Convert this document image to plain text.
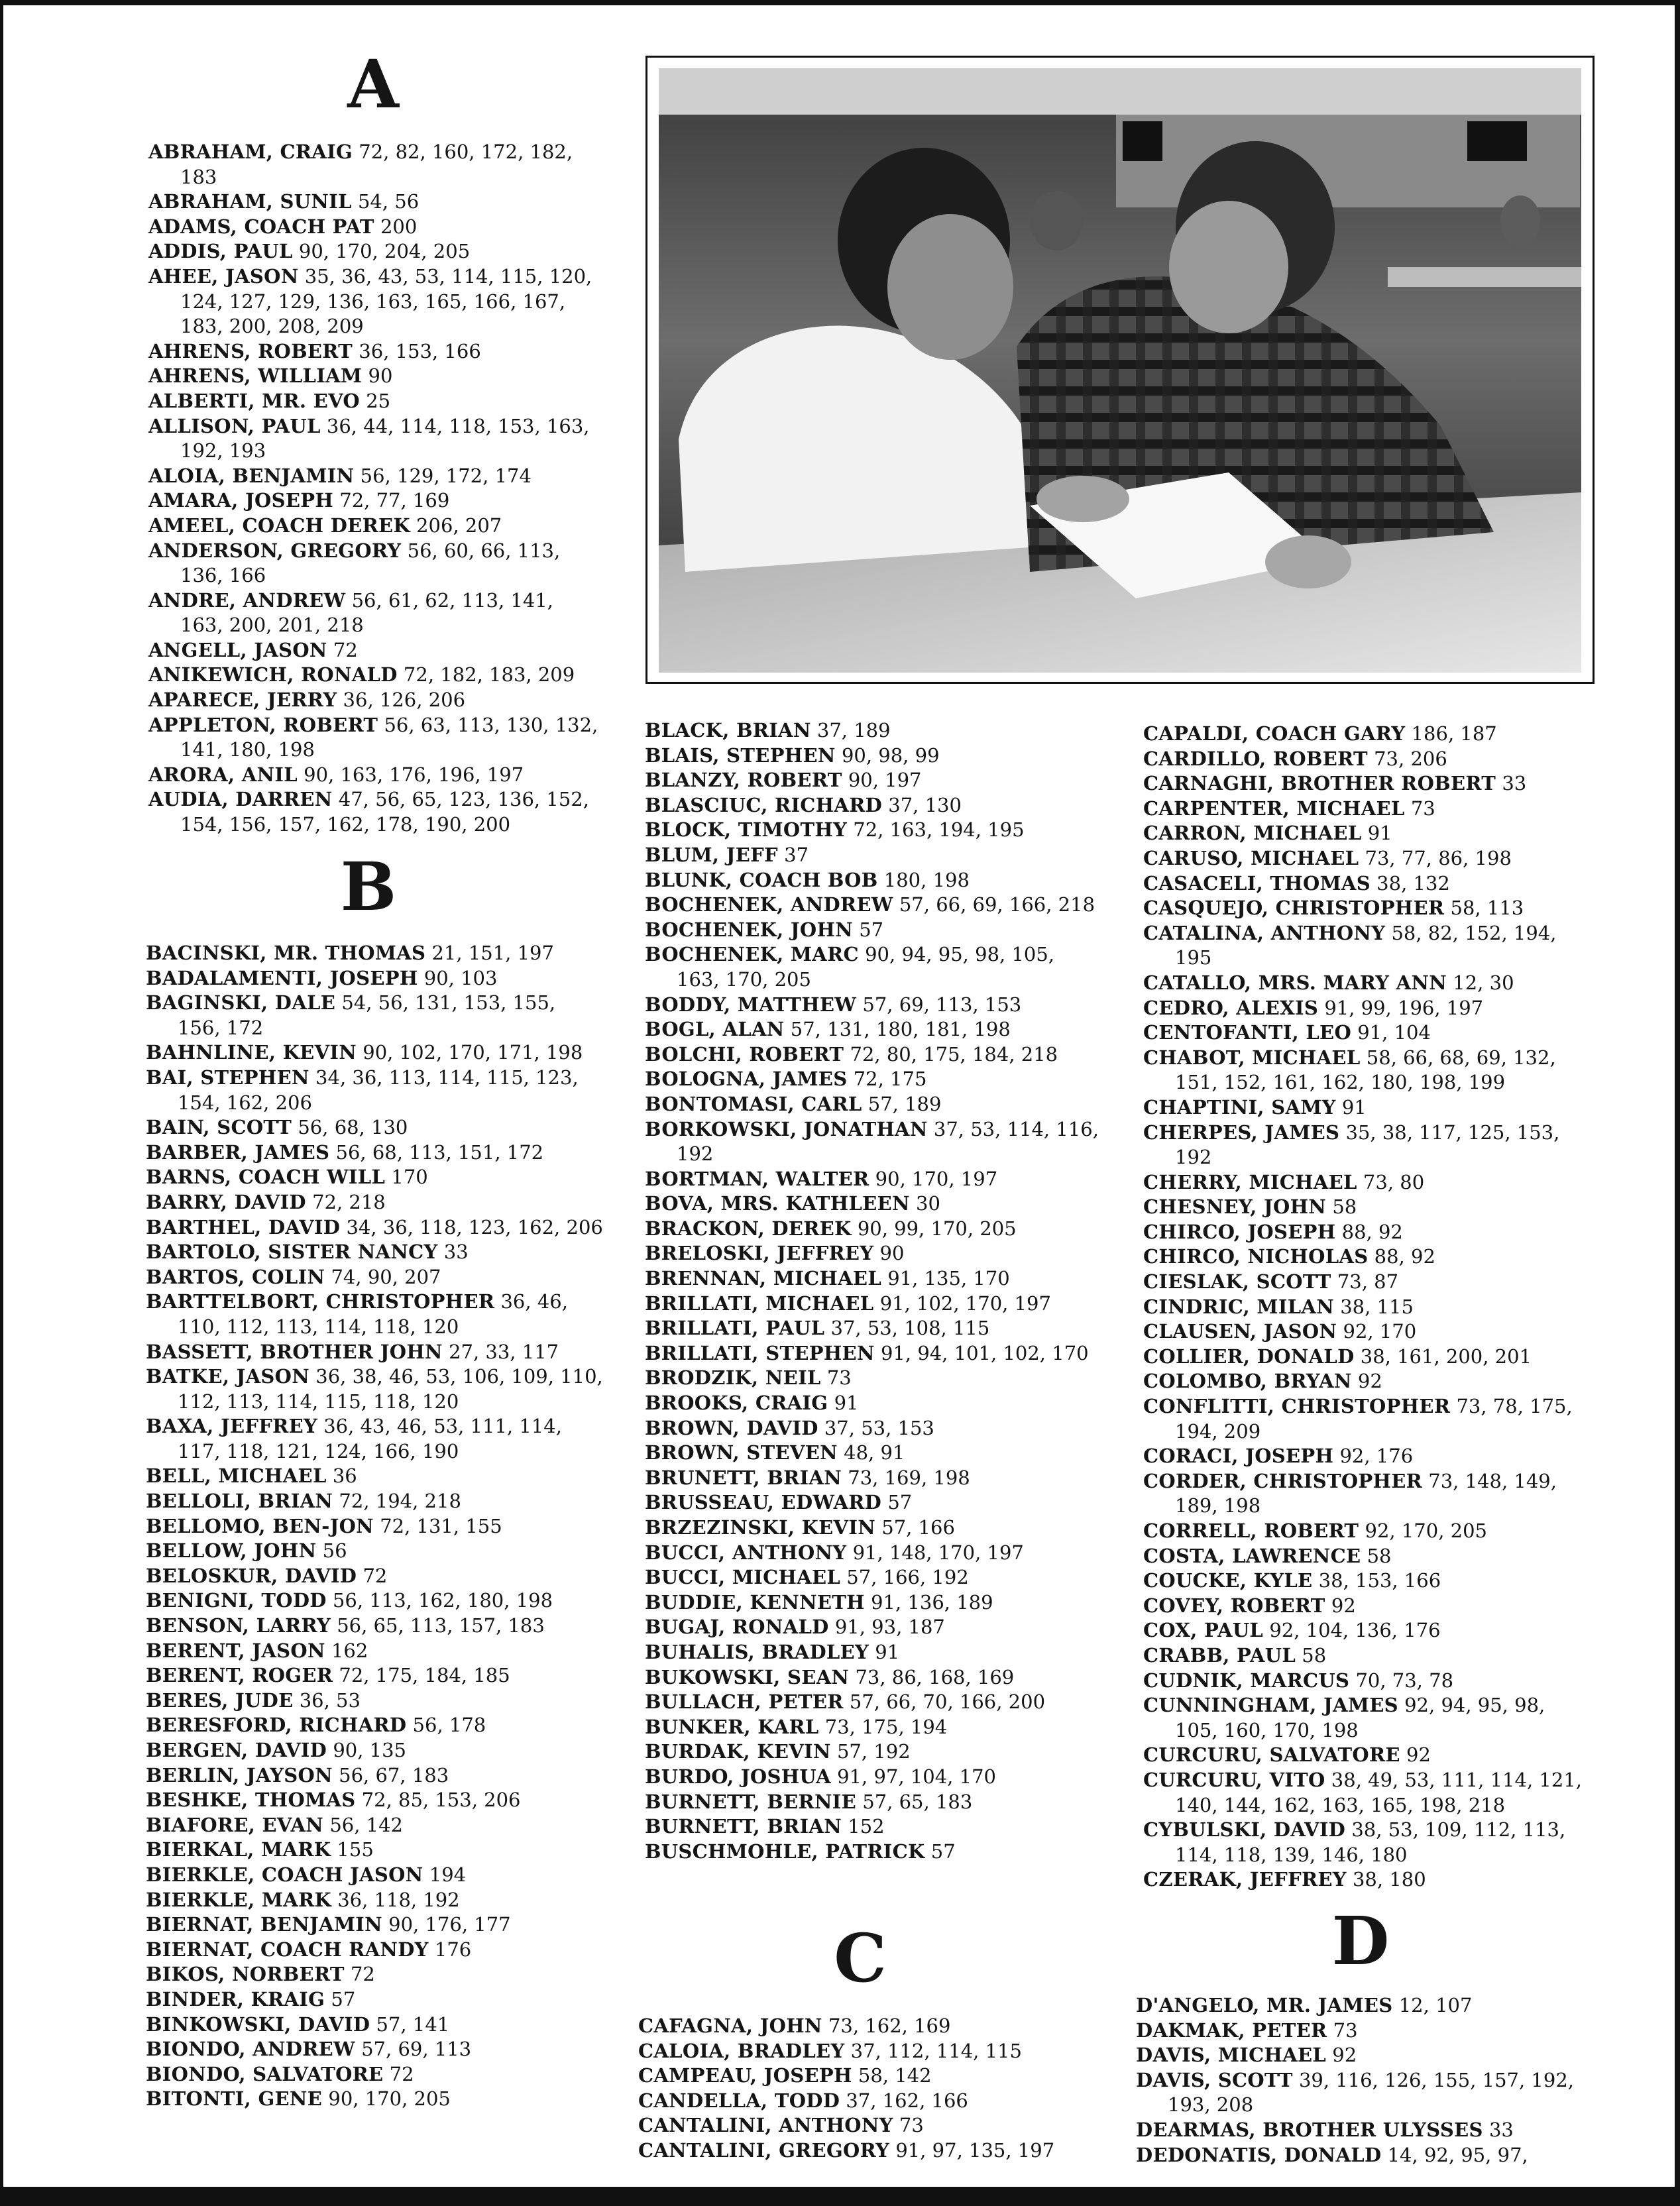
A
ABRAHAM, CRAIG 72, 82, 160, 172, 182, 183
ABRAHAM, SUNIL 54, 56
ADAMS, COACH PAT 200
ADDIS, PAUL 90, 170, 204, 205
AHEE, JASON 35, 36, 43, 53, 114, 115, 120, 124, 127, 129, 136, 163, 165, 166, 167, 183, 200, 208, 209
AHRENS, ROBERT 36, 153, 166
AHRENS, WILLIAM 90
ALBERTI, MR. EVO 25
ALLISON, PAUL 36, 44, 114, 118, 153, 163, 192, 193
ALOIA, BENJAMIN 56, 129, 172, 174
AMARA, JOSEPH 72, 77, 169
AMEEL, COACH DEREK 206, 207
ANDERSON, GREGORY 56, 60, 66, 113, 136, 166
ANDRE, ANDREW 56, 61, 62, 113, 141, 163, 200, 201, 218
ANGELL, JASON 72
ANIKEWICH, RONALD 72, 182, 183, 209
APARECE, JERRY 36, 126, 206
APPLETON, ROBERT 56, 63, 113, 130, 132, 141, 180, 198
ARORA, ANIL 90, 163, 176, 196, 197
AUDIA, DARREN 47, 56, 65, 123, 136, 152, 154, 156, 157, 162, 178, 190, 200
B
BACINSKI, MR. THOMAS 21, 151, 197
BADALAMENTI, JOSEPH 90, 103
BAGINSKI, DALE 54, 56, 131, 153, 155, 156, 172
BAHNLINE, KEVIN 90, 102, 170, 171, 198
BAI, STEPHEN 34, 36, 113, 114, 115, 123, 154, 162, 206
BAIN, SCOTT 56, 68, 130
BARBER, JAMES 56, 68, 113, 151, 172
BARNS, COACH WILL 170
BARRY, DAVID 72, 218
BARTHEL, DAVID 34, 36, 118, 123, 162, 206
BARTOLO, SISTER NANCY 33
BARTOS, COLIN 74, 90, 207
BARTTELBORT, CHRISTOPHER 36, 46, 110, 112, 113, 114, 118, 120
BASSETT, BROTHER JOHN 27, 33, 117
BATKE, JASON 36, 38, 46, 53, 106, 109, 110, 112, 113, 114, 115, 118, 120
BAXA, JEFFREY 36, 43, 46, 53, 111, 114, 117, 118, 121, 124, 166, 190
BELL, MICHAEL 36
BELLOLI, BRIAN 72, 194, 218
BELLOMO, BEN-JON 72, 131, 155
BELLOW, JOHN 56
BELOSKUR, DAVID 72
BENIGNI, TODD 56, 113, 162, 180, 198
BENSON, LARRY 56, 65, 113, 157, 183
BERENT, JASON 162
BERENT, ROGER 72, 175, 184, 185
BERES, JUDE 36, 53
BERESFORD, RICHARD 56, 178
BERGEN, DAVID 90, 135
BERLIN, JAYSON 56, 67, 183
BESHKE, THOMAS 72, 85, 153, 206
BIAFORE, EVAN 56, 142
BIERKAL, MARK 155
BIERKLE, COACH JASON 194
BIERKLE, MARK 36, 118, 192
BIERNAT, BENJAMIN 90, 176, 177
BIERNAT, COACH RANDY 176
BIKOS, NORBERT 72
BINDER, KRAIG 57
BINKOWSKI, DAVID 57, 141
BIONDO, ANDREW 57, 69, 113
BIONDO, SALVATORE 72
BITONTI, GENE 90, 170, 205
BLACK, BRIAN 37, 189
BLAIS, STEPHEN 90, 98, 99
BLANZY, ROBERT 90, 197
BLASCIUC, RICHARD 37, 130
BLOCK, TIMOTHY 72, 163, 194, 195
BLUM, JEFF 37
BLUNK, COACH BOB 180, 198
BOCHENEK, ANDREW 57, 66, 69, 166, 218
BOCHENEK, JOHN 57
BOCHENEK, MARC 90, 94, 95, 98, 105, 163, 170, 205
BODDY, MATTHEW 57, 69, 113, 153
BOGL, ALAN 57, 131, 180, 181, 198
BOLCHI, ROBERT 72, 80, 175, 184, 218
BOLOGNA, JAMES 72, 175
BONTOMASI, CARL 57, 189
BORKOWSKI, JONATHAN 37, 53, 114, 116, 192
BORTMAN, WALTER 90, 170, 197
BOVA, MRS. KATHLEEN 30
BRACKON, DEREK 90, 99, 170, 205
BRELOSKI, JEFFREY 90
BRENNAN, MICHAEL 91, 135, 170
BRILLATI, MICHAEL 91, 102, 170, 197
BRILLATI, PAUL 37, 53, 108, 115
BRILLATI, STEPHEN 91, 94, 101, 102, 170
BRODZIK, NEIL 73
BROOKS, CRAIG 91
BROWN, DAVID 37, 53, 153
BROWN, STEVEN 48, 91
BRUNETT, BRIAN 73, 169, 198
BRUSSEAU, EDWARD 57
BRZEZINSKI, KEVIN 57, 166
BUCCI, ANTHONY 91, 148, 170, 197
BUCCI, MICHAEL 57, 166, 192
BUDDIE, KENNETH 91, 136, 189
BUGAJ, RONALD 91, 93, 187
BUHALIS, BRADLEY 91
BUKOWSKI, SEAN 73, 86, 168, 169
BULLACH, PETER 57, 66, 70, 166, 200
BUNKER, KARL 73, 175, 194
BURDAK, KEVIN 57, 192
BURDO, JOSHUA 91, 97, 104, 170
BURNETT, BERNIE 57, 65, 183
BURNETT, BRIAN 152
BUSCHMOHLE, PATRICK 57
C
CAFAGNA, JOHN 73, 162, 169
CALOIA, BRADLEY 37, 112, 114, 115
CAMPEAU, JOSEPH 58, 142
CANDELLA, TODD 37, 162, 166
CANTALINI, ANTHONY 73
CANTALINI, GREGORY 91, 97, 135, 197
CAPALDI, COACH GARY 186, 187
CARDILLO, ROBERT 73, 206
CARNAGHI, BROTHER ROBERT 33
CARPENTER, MICHAEL 73
CARRON, MICHAEL 91
CARUSO, MICHAEL 73, 77, 86, 198
CASACELI, THOMAS 38, 132
CASQUEJO, CHRISTOPHER 58, 113
CATALINA, ANTHONY 58, 82, 152, 194, 195
CATALLO, MRS. MARY ANN 12, 30
CEDRO, ALEXIS 91, 99, 196, 197
CENTOFANTI, LEO 91, 104
CHABOT, MICHAEL 58, 66, 68, 69, 132, 151, 152, 161, 162, 180, 198, 199
CHAPTINI, SAMY 91
CHERPES, JAMES 35, 38, 117, 125, 153, 192
CHERRY, MICHAEL 73, 80
CHESNEY, JOHN 58
CHIRCO, JOSEPH 88, 92
CHIRCO, NICHOLAS 88, 92
CIESLAK, SCOTT 73, 87
CINDRIC, MILAN 38, 115
CLAUSEN, JASON 92, 170
COLLIER, DONALD 38, 161, 200, 201
COLOMBO, BRYAN 92
CONFLITTI, CHRISTOPHER 73, 78, 175, 194, 209
CORACI, JOSEPH 92, 176
CORDER, CHRISTOPHER 73, 148, 149, 189, 198
CORRELL, ROBERT 92, 170, 205
COSTA, LAWRENCE 58
COUCKE, KYLE 38, 153, 166
COVEY, ROBERT 92
COX, PAUL 92, 104, 136, 176
CRABB, PAUL 58
CUDNIK, MARCUS 70, 73, 78
CUNNINGHAM, JAMES 92, 94, 95, 98, 105, 160, 170, 198
CURCURU, SALVATORE 92
CURCURU, VITO 38, 49, 53, 111, 114, 121, 140, 144, 162, 163, 165, 198, 218
CYBULSKI, DAVID 38, 53, 109, 112, 113, 114, 118, 139, 146, 180
CZERAK, JEFFREY 38, 180
D
D'ANGELO, MR. JAMES 12, 107
DAKMAK, PETER 73
DAVIS, MICHAEL 92
DAVIS, SCOTT 39, 116, 126, 155, 157, 192, 193, 208
DEARMAS, BROTHER ULYSSES 33
DEDONATIS, DONALD 14, 92, 95, 97,
